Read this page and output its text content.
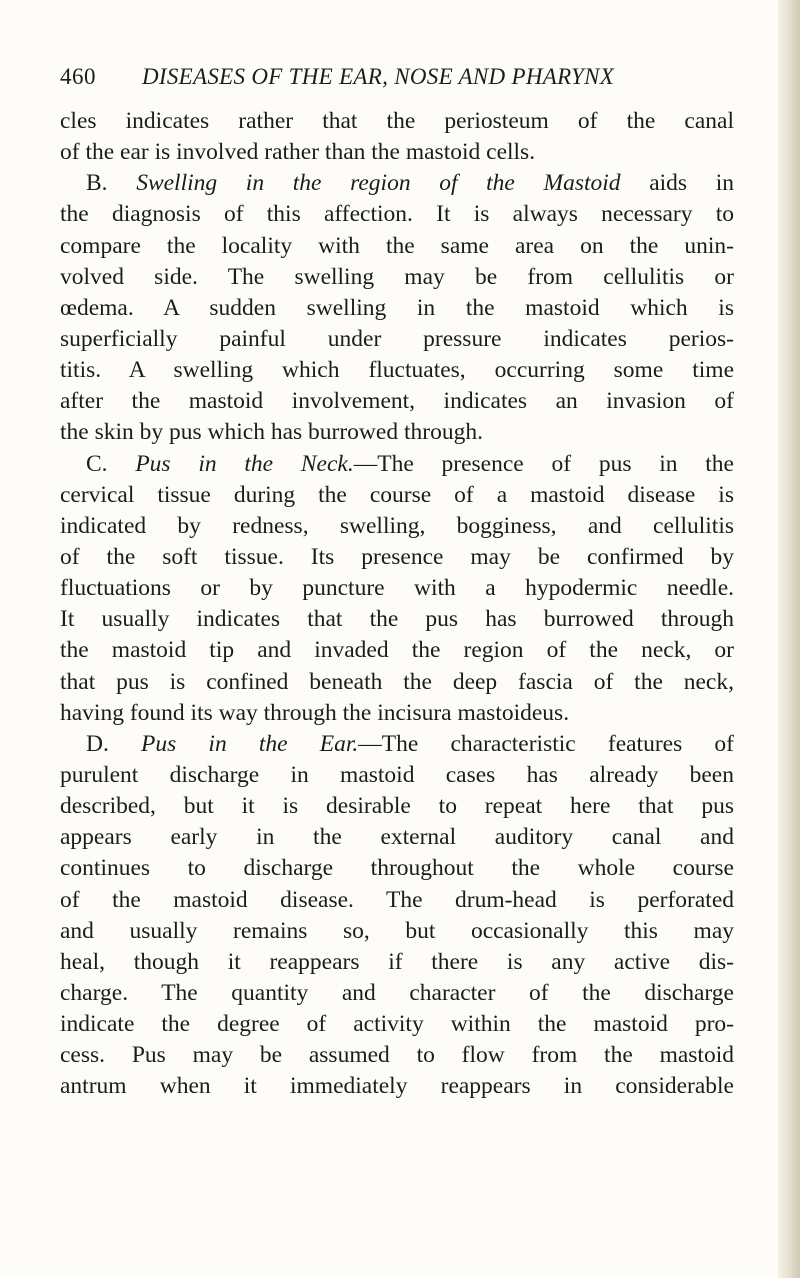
460 DISEASES OF THE EAR, NOSE AND PHARYNX
cles indicates rather that the periosteum of the canal
of the ear is involved rather than the mastoid cells.
B. Swelling in the region of the Mastoid aids in
the diagnosis of this affection. It is always necessary to
compare the locality with the same area on the unin-
volved side. The swelling may be from cellulitis or
œdema. A sudden swelling in the mastoid which is
superficially painful under pressure indicates perios-
titis. A swelling which fluctuates, occurring some time
after the mastoid involvement, indicates an invasion of
the skin by pus which has burrowed through.
C. Pus in the Neck.—The presence of pus in the
cervical tissue during the course of a mastoid disease is
indicated by redness, swelling, bogginess, and cellulitis
of the soft tissue. Its presence may be confirmed by
fluctuations or by puncture with a hypodermic needle.
It usually indicates that the pus has burrowed through
the mastoid tip and invaded the region of the neck, or
that pus is confined beneath the deep fascia of the neck,
having found its way through the incisura mastoideus.
D. Pus in the Ear.—The characteristic features of
purulent discharge in mastoid cases has already been
described, but it is desirable to repeat here that pus
appears early in the external auditory canal and
continues to discharge throughout the whole course
of the mastoid disease. The drum-head is perforated
and usually remains so, but occasionally this may
heal, though it reappears if there is any active dis-
charge. The quantity and character of the discharge
indicate the degree of activity within the mastoid pro-
cess. Pus may be assumed to flow from the mastoid
antrum when it immediately reappears in considerable
